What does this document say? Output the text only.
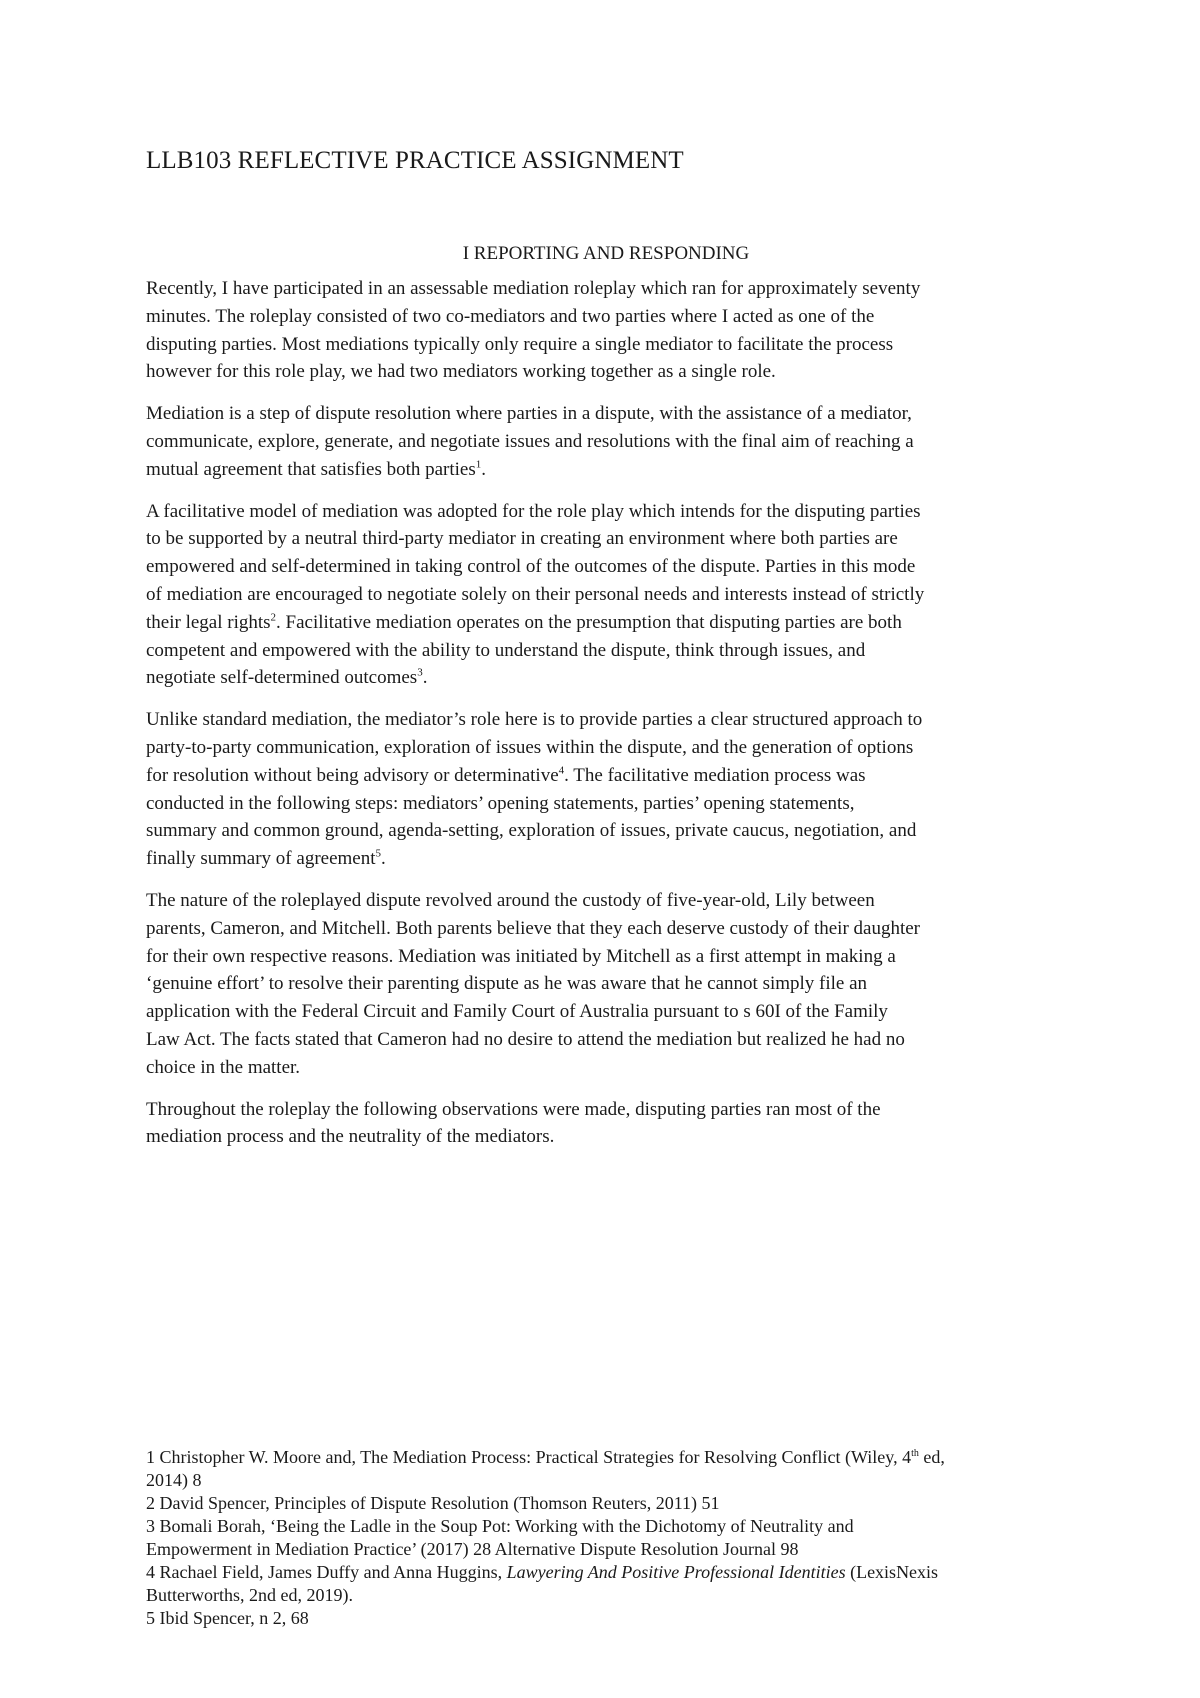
LLB103 REFLECTIVE PRACTICE ASSIGNMENT
I REPORTING AND RESPONDING

Recently, I have participated in an assessable mediation roleplay which ran for approximately seventy
minutes. The roleplay consisted of two co-mediators and two parties where I acted as one of the
disputing parties. Most mediations typically only require a single mediator to facilitate the process
however for this role play, we had two mediators working together as a single role.

Mediation is a step of dispute resolution where parties in a dispute, with the assistance of a mediator,
communicate, explore, generate, and negotiate issues and resolutions with the final aim of reaching a
mutual agreement that satisfies both parties$^1$.

A facilitative model of mediation was adopted for the role play which intends for the disputing parties
to be supported by a neutral third-party mediator in creating an environment where both parties are
empowered and self-determined in taking control of the outcomes of the dispute. Parties in this mode
of mediation are encouraged to negotiate solely on their personal needs and interests instead of strictly
their legal rights$^2$. Facilitative mediation operates on the presumption that disputing parties are both
competent and empowered with the ability to understand the dispute, think through issues, and
negotiate self-determined outcomes$^3$.

Unlike standard mediation, the mediator’s role here is to provide parties a clear structured approach to
party-to-party communication, exploration of issues within the dispute, and the generation of options
for resolution without being advisory or determinative$^4$. The facilitative mediation process was
conducted in the following steps: mediators’ opening statements, parties’ opening statements,
summary and common ground, agenda-setting, exploration of issues, private caucus, negotiation, and
finally summary of agreement$^5$.

The nature of the roleplayed dispute revolved around the custody of five-year-old, Lily between
parents, Cameron, and Mitchell. Both parents believe that they each deserve custody of their daughter
for their own respective reasons. Mediation was initiated by Mitchell as a first attempt in making a
‘genuine effort’ to resolve their parenting dispute as he was aware that he cannot simply file an
application with the Federal Circuit and Family Court of Australia pursuant to s 60I of the Family
Law Act. The facts stated that Cameron had no desire to attend the mediation but realized he had no
choice in the matter.

Throughout the roleplay the following observations were made, disputing parties ran most of the
mediation process and the neutrality of the mediators.

1 Christopher W. Moore and, The Mediation Process: Practical Strategies for Resolving Conflict (Wiley, 4th ed,
2014) 8

2 David Spencer, Principles of Dispute Resolution (Thomson Reuters, 2011) 51

3 Bomali Borah, ‘Being the Ladle in the Soup Pot: Working with the Dichotomy of Neutrality and
Empowerment in Mediation Practice’ (2017) 28 Alternative Dispute Resolution Journal 98

4 Rachael Field, James Duffy and Anna Huggins, Lawyering And Positive Professional Identities (LexisNexis
Butterworths, 2nd ed, 2019).

5 Ibid Spencer, n 2, 68
